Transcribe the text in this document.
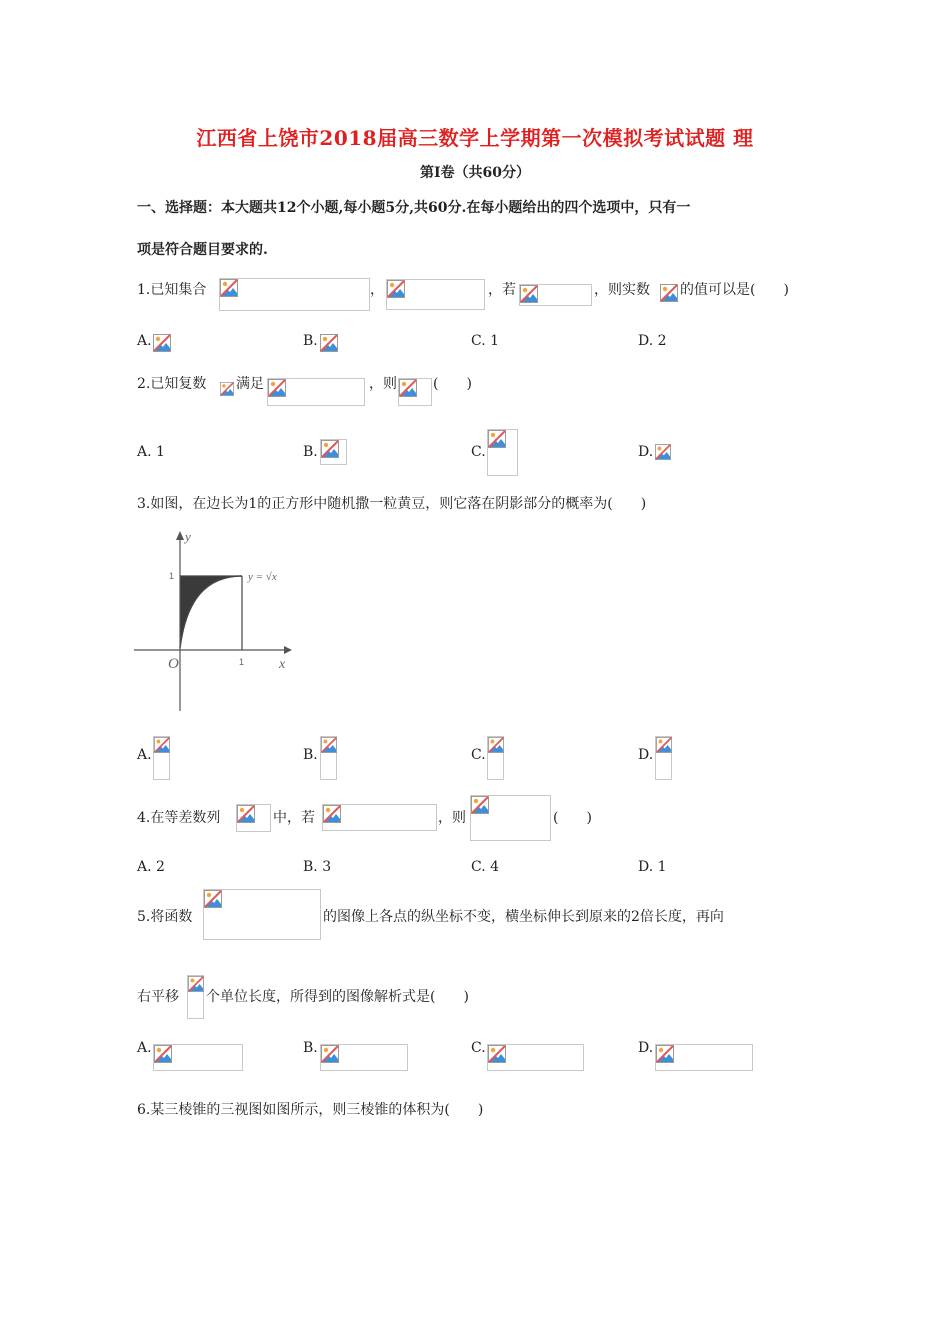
江西省上饶市2018届高三数学上学期第一次模拟考试试题 理
第Ⅰ卷（共60分）
一、选择题：本大题共12个小题,每小题5分,共60分.在每小题给出的四个选项中，只有一
项是符合题目要求的.
1.已知集合	，	，若	，则实数 的值可以是(　　)
A.	B.	C. 1	D. 2
2.已知复数 满足	，则	(　　)
A. 1	B.	C.	D.
3.如图，在边长为1的正方形中随机撒一粒黄豆，则它落在阴影部分的概率为(　　)
y
x
O	1
1	y = √x
A.	B.	C.	D.
4.在等差数列	中，若	，则	(　　)
A. 2	B. 3	C. 4	D. 1
5.将函数	的图像上各点的纵坐标不变，横坐标伸长到原来的2倍长度，再向
右平移 个单位长度，所得到的图像解析式是(　　)
A.	B.	C.	D.
6.某三棱锥的三视图如图所示，则三棱锥的体积为(　　)
